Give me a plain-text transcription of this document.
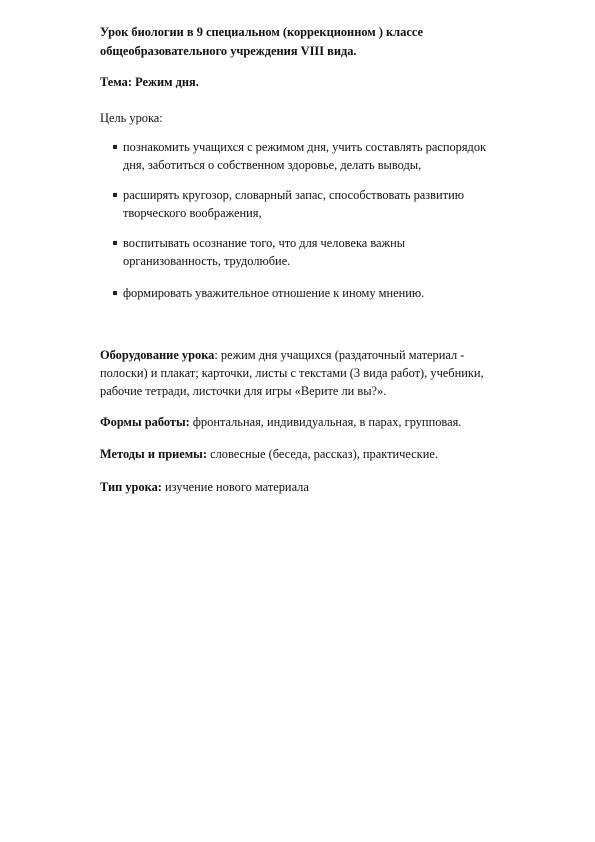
Урок биологии в 9 специальном (коррекционном ) классе
общеобразовательного учреждения VIII вида.
Тема: Режим дня.
Цель урока:
познакомить учащихся с режимом дня, учить составлять распорядок
дня, заботиться о собственном здоровье, делать выводы,
расширять кругозор, словарный запас, способствовать развитию
творческого воображения,
воспитывать осознание того, что для человека важны
организованность, трудолюбие.
формировать уважительное отношение к иному мнению.
Оборудование урока: режим дня учащихся (раздаточный материал -
полоски) и плакат; карточки, листы с текстами (3 вида работ), учебники,
рабочие тетради, листочки для игры «Верите ли вы?».
Формы работы: фронтальная, индивидуальная, в парах, групповая.
Методы и приемы: словесные (беседа, рассказ), практические.
Тип урока: изучение нового материала
